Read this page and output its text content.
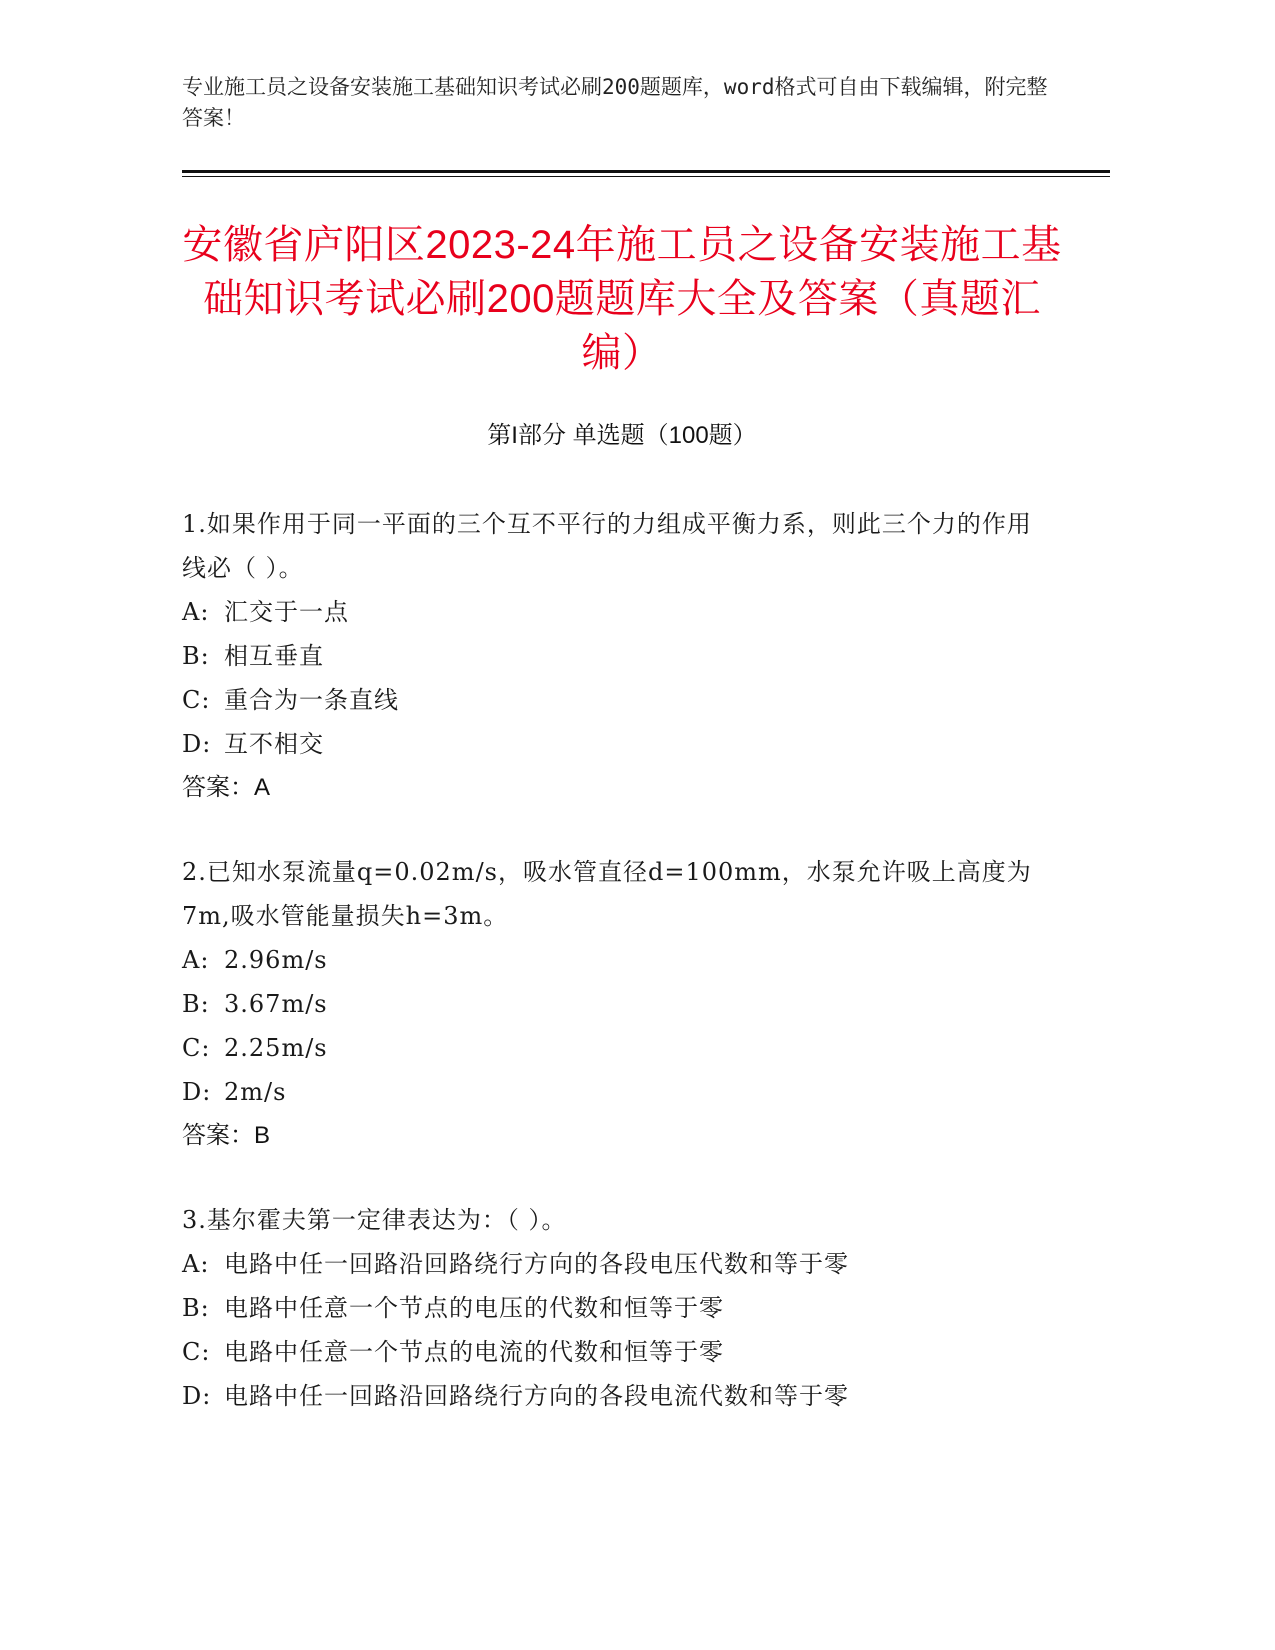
专业施工员之设备安装施工基础知识考试必刷200题题库，word格式可自由下载编辑，附完整答案！
安徽省庐阳区2023-24年施工员之设备安装施工基础知识考试必刷200题题库大全及答案（真题汇编）
第I部分 单选题（100题）
1.如果作用于同一平面的三个互不平行的力组成平衡力系，则此三个力的作用线必（ ）。
A: 汇交于一点
B: 相互垂直
C: 重合为一条直线
D: 互不相交
答案：A
2.已知水泵流量q=0.02m/s，吸水管直径d=100mm，水泵允许吸上高度为7m,吸水管能量损失h=3m。
A: 2.96m/s
B: 3.67m/s
C: 2.25m/s
D: 2m/s
答案：B
3.基尔霍夫第一定律表达为：（ ）。
A: 电路中任一回路沿回路绕行方向的各段电压代数和等于零
B: 电路中任意一个节点的电压的代数和恒等于零
C: 电路中任意一个节点的电流的代数和恒等于零
D: 电路中任一回路沿回路绕行方向的各段电流代数和等于零
